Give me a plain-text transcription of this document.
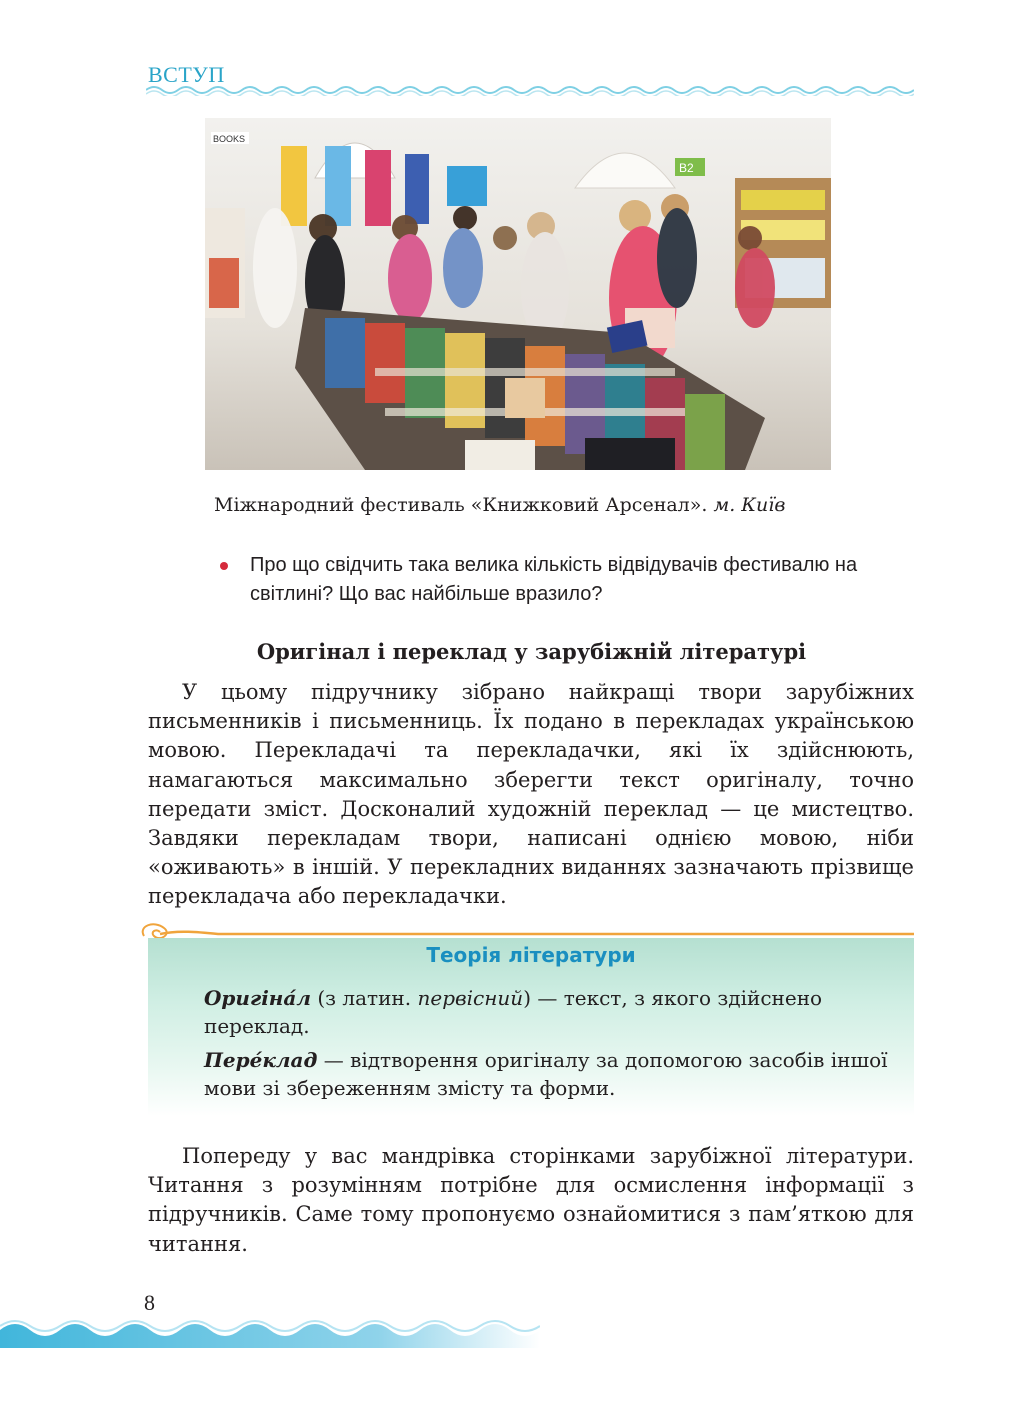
ВСТУП
BOOKS
B2
Міжнародний фестиваль «Книжковий Арсенал». м. Київ
Про що свідчить така велика кількість відвідувачів фестивалю на світлині? Що вас найбільше вразило?
Оригінал і переклад у зарубіжній літературі

У цьому підручнику зібрано найкращі твори зарубіжних письменників і письменниць. Їх подано в перекладах українською мовою. Перекладачі та перекладачки, які їх здійснюють, намагаються максимально зберегти текст оригіналу, точно передати зміст. Досконалий художній переклад — це мистецтво. Завдяки перекладам твори, написані однією мовою, ніби «оживають» в іншій. У перекладних виданнях зазначають прізвище перекладача або перекладачки.

Теорія літератури

Оригіна́л (з латин. первісний) — текст, з якого здійснено переклад.

Пере́клад — відтворення оригіналу за допомогою засобів іншої мови зі збереженням змісту та форми.

Попереду у вас мандрівка сторінками зарубіжної літератури. Читання з розумінням потрібне для осмислення інформації з підручників. Саме тому пропонуємо ознайомитися з пам’яткою для читання.

8
